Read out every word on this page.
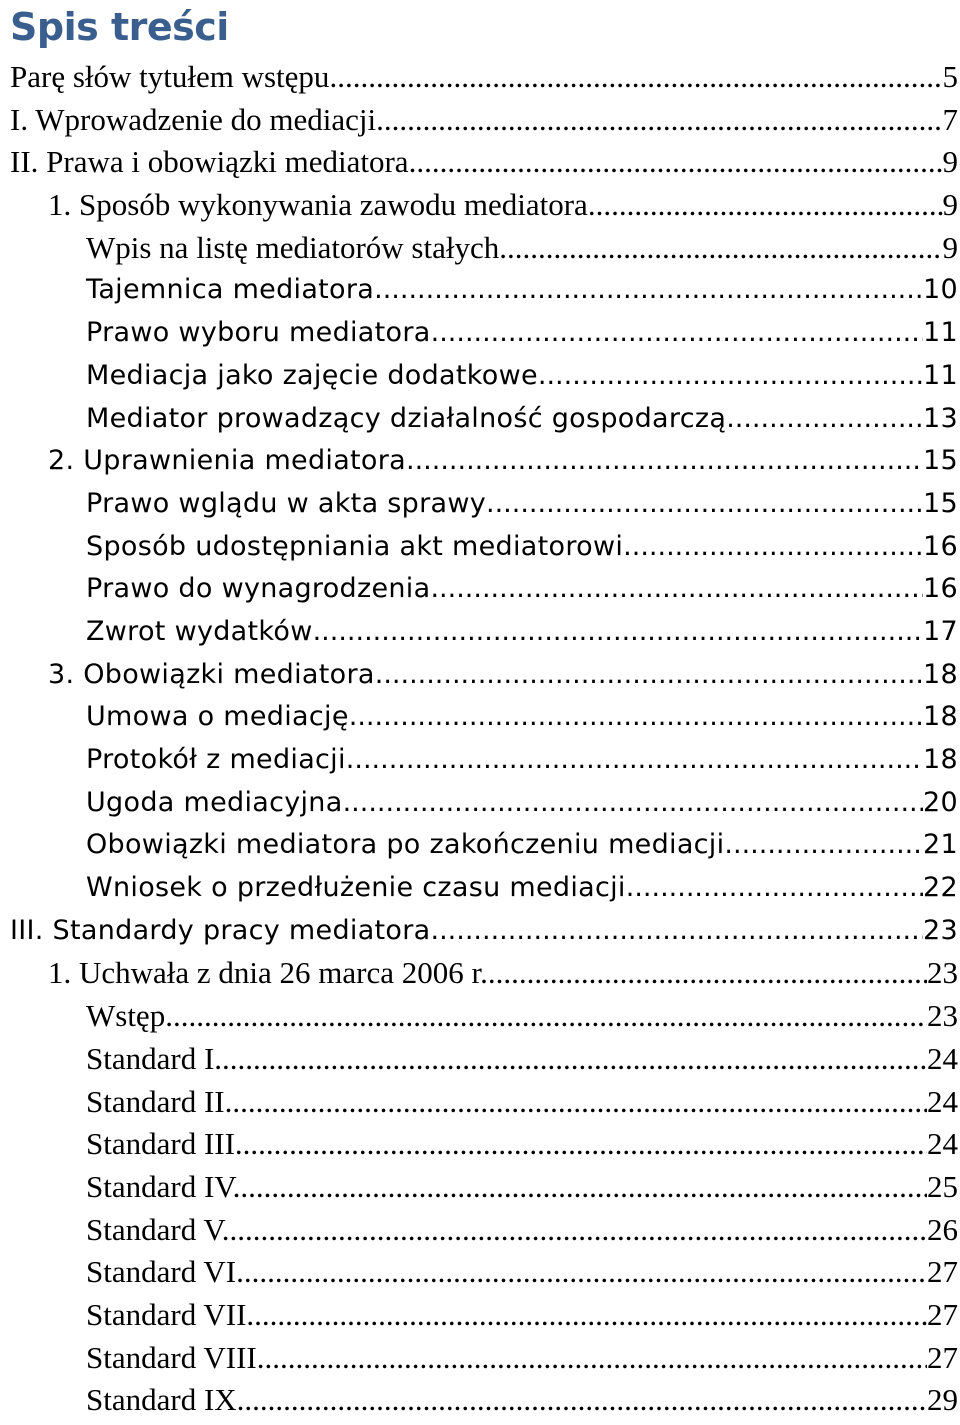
Spis treści
Parę słów tytułem wstępu .....	5
I. Wprowadzenie do mediacji .....	7
II. Prawa i obowiązki mediatora .....	9
1. Sposób wykonywania zawodu mediatora .....	9
Wpis na listę mediatorów stałych .....	9
Tajemnica mediatora .....	10
Prawo wyboru mediatora .....	11
Mediacja jako zajęcie dodatkowe .....	11
Mediator prowadzący działalność gospodarczą .....	13
2. Uprawnienia mediatora .....	15
Prawo wglądu w akta sprawy .....	15
Sposób udostępniania akt mediatorowi .....	16
Prawo do wynagrodzenia .....	16
Zwrot wydatków .....	17
3. Obowiązki mediatora .....	18
Umowa o mediację .....	18
Protokół z mediacji .....	18
Ugoda mediacyjna .....	20
Obowiązki mediatora po zakończeniu mediacji .....	21
Wniosek o przedłużenie czasu mediacji .....	22
III. Standardy pracy mediatora .....	23
1. Uchwała z dnia 26 marca 2006 r. .....	23
Wstęp .....	23
Standard I. .....	24
Standard II. .....	24
Standard III. .....	24
Standard IV. .....	25
Standard V. .....	26
Standard VI. .....	27
Standard VII. .....	27
Standard VIII. .....	27
Standard IX. .....	29
